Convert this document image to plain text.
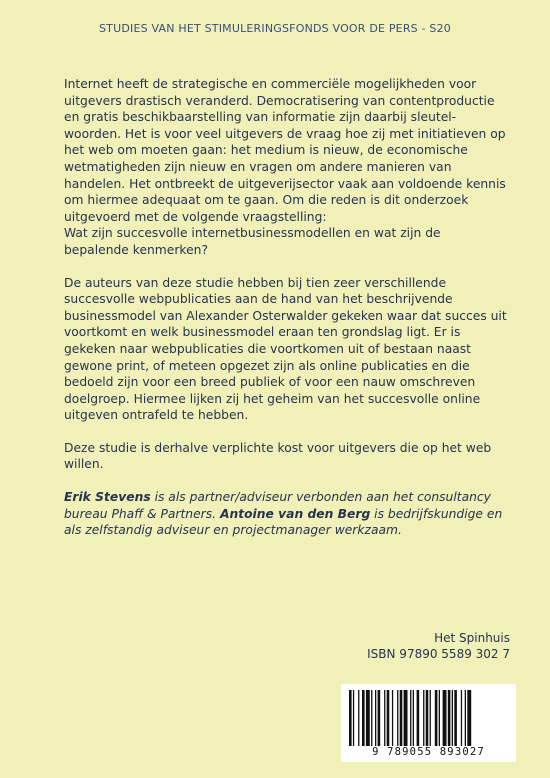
STUDIES VAN HET STIMULERINGSFONDS VOOR DE PERS - S20

Internet heeft de strategische en commerciële mogelijkheden voor uitgevers drastisch veranderd. Democratisering van contentproductie en gratis beschikbaarstelling van informatie zijn daarbij sleutel-woorden. Het is voor veel uitgevers de vraag hoe zij met initiatieven op het web om moeten gaan: het medium is nieuw, de economische wetmatigheden zijn nieuw en vragen om andere manieren van handelen. Het ontbreekt de uitgeverijsector vaak aan voldoende kennis om hiermee adequaat om te gaan. Om die reden is dit onderzoek uitgevoerd met de volgende vraagstelling:
Wat zijn succesvolle internetbusinessmodellen en wat zijn de bepalende kenmerken?

De auteurs van deze studie hebben bij tien zeer verschillende succesvolle webpublicaties aan de hand van het beschrijvende businessmodel van Alexander Osterwalder gekeken waar dat succes uit voortkomt en welk businessmodel eraan ten grondslag ligt. Er is gekeken naar webpublicaties die voortkomen uit of bestaan naast gewone print, of meteen opgezet zijn als online publicaties en die bedoeld zijn voor een breed publiek of voor een nauw omschreven doelgroep. Hiermee lijken zij het geheim van het succesvolle online uitgeven ontrafeld te hebben.

Deze studie is derhalve verplichte kost voor uitgevers die op het web willen.

Erik Stevens is als partner/adviseur verbonden aan het consultancy bureau Phaff & Partners. Antoine van den Berg is bedrijfskundige en als zelfstandig adviseur en projectmanager werkzaam.

Het Spinhuis
ISBN 97890 5589 302 7
9 789055 893027
